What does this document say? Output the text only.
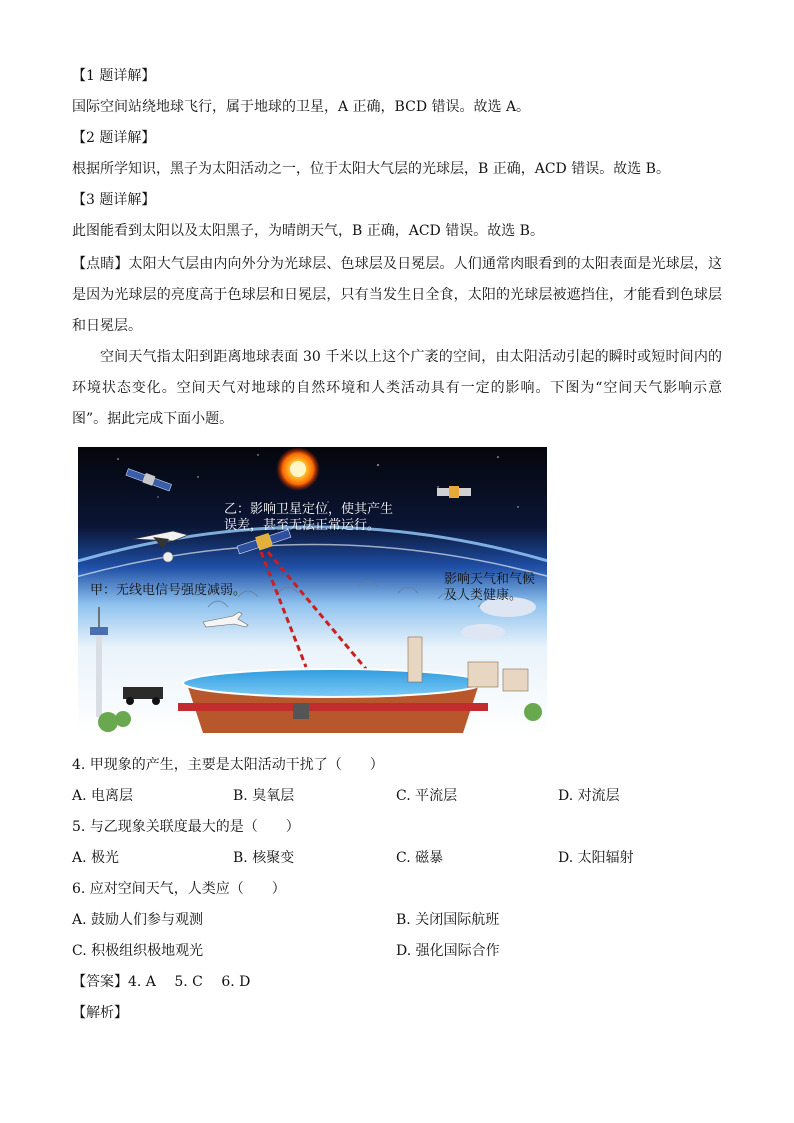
【1 题详解】
国际空间站绕地球飞行，属于地球的卫星，A 正确，BCD 错误。故选 A。
【2 题详解】
根据所学知识，黑子为太阳活动之一，位于太阳大气层的光球层，B 正确，ACD 错误。故选 B。
【3 题详解】
此图能看到太阳以及太阳黑子，为晴朗天气，B 正确，ACD 错误。故选 B。
【点睛】太阳大气层由内向外分为光球层、色球层及日冕层。人们通常肉眼看到的太阳表面是光球层，这
是因为光球层的亮度高于色球层和日冕层，只有当发生日全食，太阳的光球层被遮挡住，才能看到色球层
和日冕层。
空间天气指太阳到距离地球表面 30 千米以上这个广袤的空间，由太阳活动引起的瞬时或短时间内的
环境状态变化。空间天气对地球的自然环境和人类活动具有一定的影响。下图为“空间天气影响示意
图”。据此完成下面小题。
乙：影响卫星定位，使其产生
误差，甚至无法正常运行。
甲：无线电信号强度减弱。
影响天气和气候
及人类健康。
4. 甲现象的产生，主要是太阳活动干扰了（　　）
A. 电离层	B. 臭氧层	C. 平流层	D. 对流层
5. 与乙现象关联度最大的是（　　）
A. 极光	B. 核聚变	C. 磁暴	D. 太阳辐射
6. 应对空间天气，人类应（　　）
A. 鼓励人们参与观测	B. 关闭国际航班
C. 积极组织极地观光	D. 强化国际合作
【答案】4. A　 5. C　 6. D
【解析】
